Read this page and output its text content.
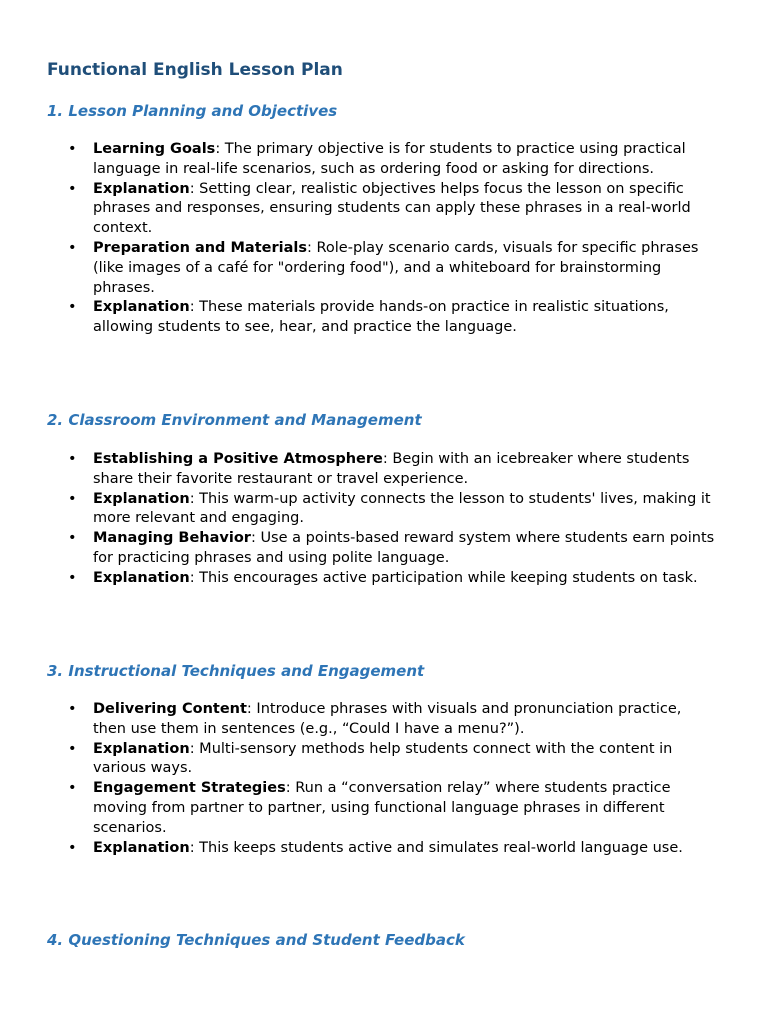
Functional English Lesson Plan
1. Lesson Planning and Objectives
• Learning Goals: The primary objective is for students to practice using practical language in real-life scenarios, such as ordering food or asking for directions.
• Explanation: Setting clear, realistic objectives helps focus the lesson on specific phrases and responses, ensuring students can apply these phrases in a real-world context.
• Preparation and Materials: Role-play scenario cards, visuals for specific phrases (like images of a café for "ordering food"), and a whiteboard for brainstorming phrases.
• Explanation: These materials provide hands-on practice in realistic situations, allowing students to see, hear, and practice the language.
2. Classroom Environment and Management
• Establishing a Positive Atmosphere: Begin with an icebreaker where students share their favorite restaurant or travel experience.
• Explanation: This warm-up activity connects the lesson to students' lives, making it more relevant and engaging.
• Managing Behavior: Use a points-based reward system where students earn points for practicing phrases and using polite language.
• Explanation: This encourages active participation while keeping students on task.
3. Instructional Techniques and Engagement
• Delivering Content: Introduce phrases with visuals and pronunciation practice, then use them in sentences (e.g., “Could I have a menu?”).
• Explanation: Multi-sensory methods help students connect with the content in various ways.
• Engagement Strategies: Run a “conversation relay” where students practice moving from partner to partner, using functional language phrases in different scenarios.
• Explanation: This keeps students active and simulates real-world language use.
4. Questioning Techniques and Student Feedback
